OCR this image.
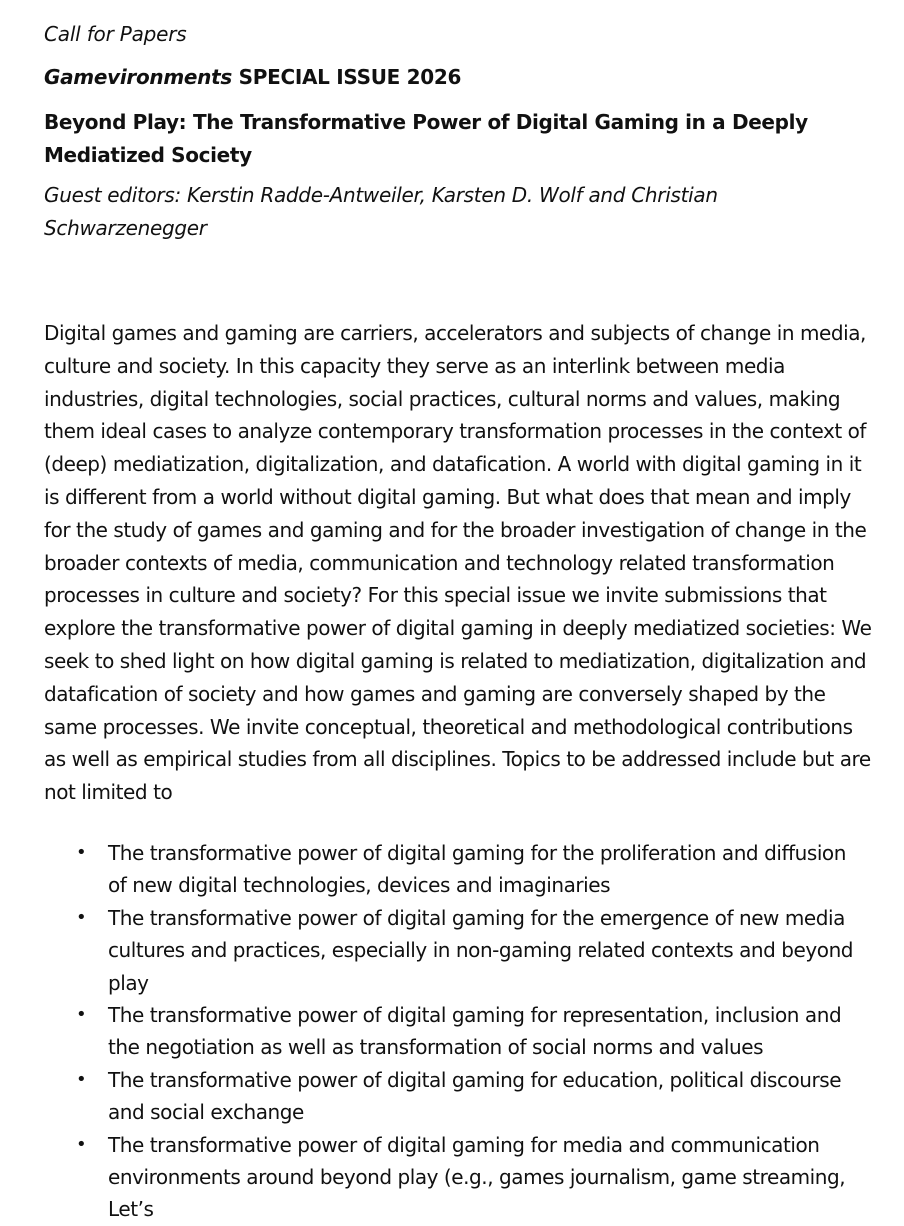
Call for Papers

Gamevironments SPECIAL ISSUE 2026

Beyond Play: The Transformative Power of Digital Gaming in a Deeply Mediatized Society

Guest editors: Kerstin Radde-Antweiler, Karsten D. Wolf and Christian Schwarzenegger

Digital games and gaming are carriers, accelerators and subjects of change in media, culture and society. In this capacity they serve as an interlink between media industries, digital technologies, social practices, cultural norms and values, making them ideal cases to analyze contemporary transformation processes in the context of (deep) mediatization, digitalization, and datafication. A world with digital gaming in it is different from a world without digital gaming. But what does that mean and imply for the study of games and gaming and for the broader investigation of change in the broader contexts of media, communication and technology related transformation processes in culture and society? For this special issue we invite submissions that explore the transformative power of digital gaming in deeply mediatized societies: We seek to shed light on how digital gaming is related to mediatization, digitalization and datafication of society and how games and gaming are conversely shaped by the same processes. We invite conceptual, theoretical and methodological contributions as well as empirical studies from all disciplines. Topics to be addressed include but are not limited to

• The transformative power of digital gaming for the proliferation and diffusion of new digital technologies, devices and imaginaries
• The transformative power of digital gaming for the emergence of new media cultures and practices, especially in non-gaming related contexts and beyond play
• The transformative power of digital gaming for representation, inclusion and the negotiation as well as transformation of social norms and values
• The transformative power of digital gaming for education, political discourse and social exchange
• The transformative power of digital gaming for media and communication environments around beyond play (e.g., games journalism, game streaming, Let’s
